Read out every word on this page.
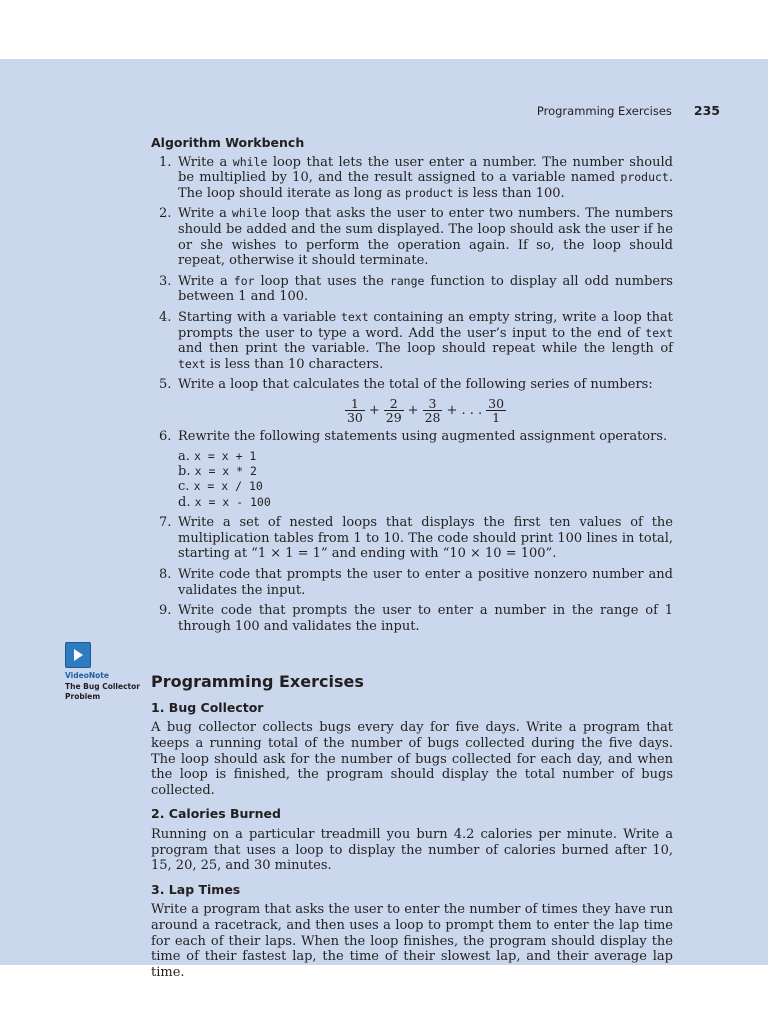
Programming Exercises 235
VideoNote
The Bug Collector Problem
Algorithm Workbench
1. Write a while loop that lets the user enter a number. The number should be multiplied by 10, and the result assigned to a variable named product. The loop should iterate as long as product is less than 100.
2. Write a while loop that asks the user to enter two numbers. The numbers should be added and the sum displayed. The loop should ask the user if he or she wishes to perform the operation again. If so, the loop should repeat, otherwise it should terminate.
3. Write a for loop that uses the range function to display all odd numbers between 1 and 100.
4. Starting with a variable text containing an empty string, write a loop that prompts the user to type a word. Add the user’s input to the end of text and then print the variable. The loop should repeat while the length of text is less than 10 characters.
5. Write a loop that calculates the total of the following series of numbers:
$\frac{1}{30} + \frac{2}{29} + \frac{3}{28}$ + . . . $\frac{30}{1}$
6. Rewrite the following statements using augmented assignment operators.
a. x = x + 1
b. x = x * 2
c. x = x / 10
d. x = x - 100
7. Write a set of nested loops that displays the first ten values of the multiplication tables from 1 to 10. The code should print 100 lines in total, starting at “1 × 1 = 1” and ending with “10 × 10 = 100”.
8. Write code that prompts the user to enter a positive nonzero number and validates the input.
9. Write code that prompts the user to enter a number in the range of 1 through 100 and validates the input.
Programming Exercises
1. Bug Collector

A bug collector collects bugs every day for five days. Write a program that keeps a running total of the number of bugs collected during the five days. The loop should ask for the number of bugs collected for each day, and when the loop is finished, the program should display the total number of bugs collected.

2. Calories Burned

Running on a particular treadmill you burn 4.2 calories per minute. Write a program that uses a loop to display the number of calories burned after 10, 15, 20, 25, and 30 minutes.

3. Lap Times

Write a program that asks the user to enter the number of times they have run around a racetrack, and then uses a loop to prompt them to enter the lap time for each of their laps. When the loop finishes, the program should display the time of their fastest lap, the time of their slowest lap, and their average lap time.
